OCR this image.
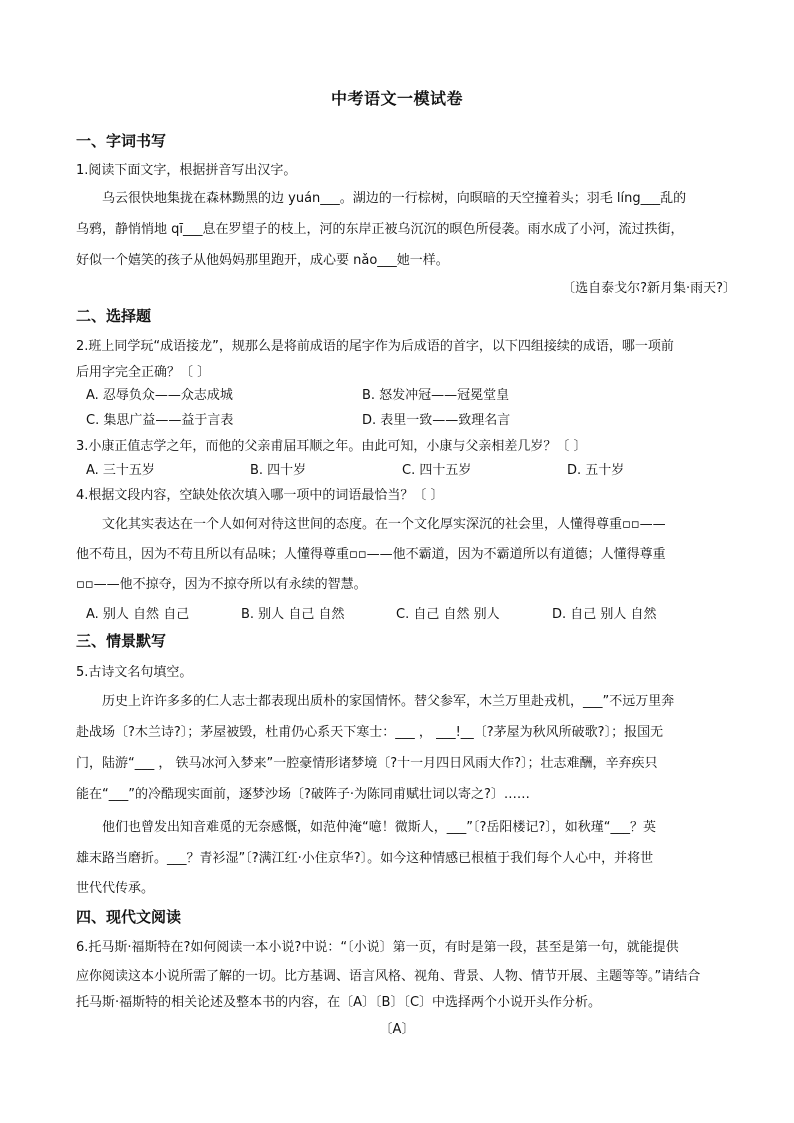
中考语文一模试卷
一、字词书写
1.阅读下面文字，根据拼音写出汉字。
乌云很快地集拢在森林黝黑的边 yuán___。湖边的一行棕树，向暝暗的天空撞着头；羽毛 líng___乱的
乌鸦，静悄悄地 qī___息在罗望子的枝上，河的东岸正被乌沉沉的暝色所侵袭。雨水成了小河，流过抶街，
好似一个嬉笑的孩子从他妈妈那里跑开，成心要 nǎo___她一样。
〔选自泰戈尔?新月集·雨天?〕
二、选择题
2.班上同学玩“成语接龙”，规那么是将前成语的尾字作为后成语的首字，以下四组接续的成语，哪一项前
后用字完全正确？〔 〕
A. 忍辱负众——众志成城	B. 怒发冲冠——冠冕堂皇
C. 集思广益——益于言表	D. 表里一致——致理名言
3.小康正值志学之年，而他的父亲甫届耳顺之年。由此可知，小康与父亲相差几岁？〔 〕
A. 三十五岁	B. 四十岁	C. 四十五岁	D. 五十岁
4.根据文段内容，空缺处依次填入哪一项中的词语最恰当？〔 〕
文化其实表达在一个人如何对待这世间的态度。在一个文化厚实深沉的社会里，人懂得尊重▫▫——
他不苟且，因为不苟且所以有品味；人懂得尊重▫▫——他不霸道，因为不霸道所以有道德；人懂得尊重
▫▫——他不掠夺，因为不掠夺所以有永续的智慧。
A. 别人 自然 自己	B. 别人 自己 自然	C. 自己 自然 别人	D. 自己 别人 自然
三、情景默写
5.古诗文名句填空。
历史上许许多多的仁人志士都表现出质朴的家国情怀。替父参军，木兰万里赴戎机，___”不远万里奔
赴战场〔?木兰诗?〕；茅屋被毁，杜甫仍心系天下寒士：___ ， ___!__〔?茅屋为秋风所破歌?〕；报国无
门，陆游“___ ， 铁马冰河入梦来”一腔豪情形诸梦境〔?十一月四日风雨大作?〕；壮志难酬，辛弃疾只
能在“___”的冷酷现实面前，逐梦沙场〔?破阵子·为陈同甫赋壮词以寄之?〕……
他们也曾发出知音难觅的无奈感慨，如范仲淹“噫！微斯人，___”〔?岳阳楼记?〕，如秋瑾“___？英
雄末路当磨折。___？青衫湿”〔?满江红·小住京华?〕。如今这种情感已根植于我们每个人心中，并将世
世代代传承。
四、现代文阅读
6.托马斯·福斯特在?如何阅读一本小说?中说：“〔小说〕第一页，有时是第一段，甚至是第一句，就能提供
应你阅读这本小说所需了解的一切。比方基调、语言风格、视角、背景、人物、情节开展、主题等等。”请结合
托马斯·福斯特的相关论述及整本书的内容，在〔A〕〔B〕〔C〕中选择两个小说开头作分析。
〔A〕
